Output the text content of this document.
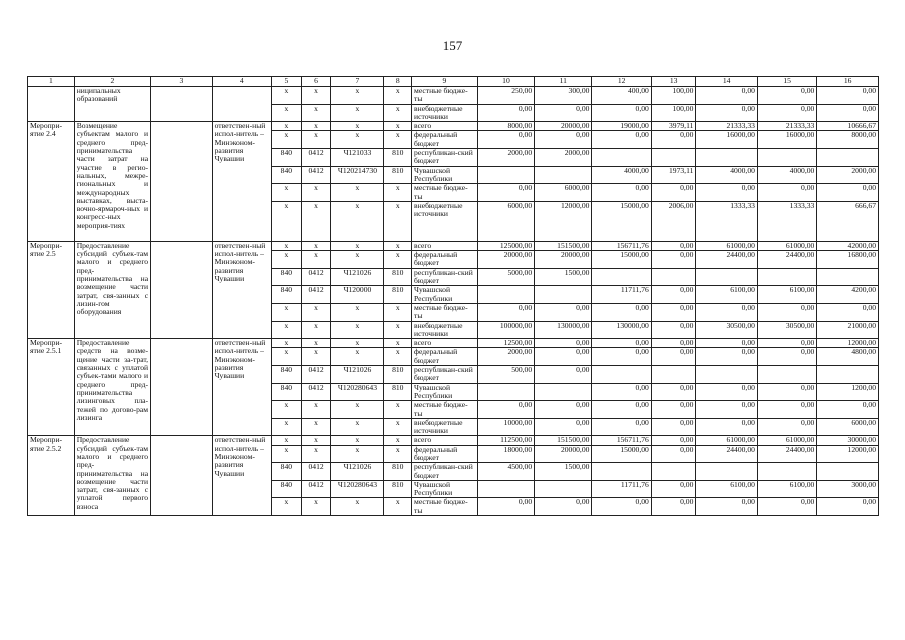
157
1	2	3	4	5	6	7	8	9	10	11	12	13	14	15	16
	ниципальных образований			x	x	x	x	местные бюдже-ты	250,00	300,00	400,00	100,00	0,00	0,00	0,00
				x	x	x	x	внебюджетные источники	0,00	0,00	0,00	100,00	0,00	0,00	0,00
Меропри-ятие 2.4	Возмещение субъектам малого и среднего пред-принимательства части затрат на участие в регио-нальных, межре-гиональных и международных выставках, выста-вочно-ярмароч-ных и конгресс-ных мероприя-тиях		ответствен-ный испол-нитель – Минэконом-развития Чувашии	x	x	x	x	всего	8000,00	20000,00	19000,00	3979,11	21333,33	21333,33	10666,67
				x	x	x	x	федеральный бюджет	0,00	0,00	0,00	0,00	16000,00	16000,00	8000,00
				840	0412	Ч121033	810	республикан-ский бюджет	2000,00	2000,00					
				840	0412	Ч120214730	810	Чувашской Республики			4000,00	1973,11	4000,00	4000,00	2000,00
				x	x	x	x	местные бюдже-ты	0,00	6000,00	0,00	0,00	0,00	0,00	0,00
				x	x	x	x	внебюджетные источники	6000,00	12000,00	15000,00	2006,00	1333,33	1333,33	666,67
Меропри-ятие 2.5	Предоставление субсидий субъек-там малого и среднего пред-принимательства на возмещение части затрат, свя-занных с лизин-гом оборудования		ответствен-ный испол-нитель – Минэконом-развития Чувашии	x	x	x	x	всего	125000,00	151500,00	156711,76	0,00	61000,00	61000,00	42000,00
				x	x	x	x	федеральный бюджет	20000,00	20000,00	15000,00	0,00	24400,00	24400,00	16800,00
				840	0412	Ч121026	810	республикан-ский бюджет	5000,00	1500,00					
				840	0412	Ч120000	810	Чувашской Республики			11711,76	0,00	6100,00	6100,00	4200,00
				x	x	x	x	местные бюдже-ты	0,00	0,00	0,00	0,00	0,00	0,00	0,00
				x	x	x	x	внебюджетные источники	100000,00	130000,00	130000,00	0,00	30500,00	30500,00	21000,00
Меропри-ятие 2.5.1	Предоставление средств на возме-щение части за-трат, связанных с уплатой субъек-тами малого и среднего пред-принимательства лизинговых пла-тежей по догово-рам лизинга		ответствен-ный испол-нитель – Минэконом-развития Чувашии	x	x	x	x	всего	12500,00	0,00	0,00	0,00	0,00	0,00	12000,00
				x	x	x	x	федеральный бюджет	2000,00	0,00	0,00	0,00	0,00	0,00	4800,00
				840	0412	Ч121026	810	республикан-ский бюджет	500,00	0,00					
				840	0412	Ч120280643	810	Чувашской Республики			0,00	0,00	0,00	0,00	1200,00
				x	x	x	x	местные бюдже-ты	0,00	0,00	0,00	0,00	0,00	0,00	0,00
				x	x	x	x	внебюджетные источники	10000,00	0,00	0,00	0,00	0,00	0,00	6000,00
Меропри-ятие 2.5.2	Предоставление субсидий субъек-там малого и среднего пред-принимательства на возмещение части затрат, свя-занных с уплатой первого взноса		ответствен-ный испол-нитель – Минэконом-развития Чувашии	x	x	x	x	всего	112500,00	151500,00	156711,76	0,00	61000,00	61000,00	30000,00
				x	x	x	x	федеральный бюджет	18000,00	20000,00	15000,00	0,00	24400,00	24400,00	12000,00
				840	0412	Ч121026	810	республикан-ский бюджет	4500,00	1500,00					
				840	0412	Ч120280643	810	Чувашской Республики			11711,76	0,00	6100,00	6100,00	3000,00
				x	x	x	x	местные бюдже-ты	0,00	0,00	0,00	0,00	0,00	0,00	0,00
